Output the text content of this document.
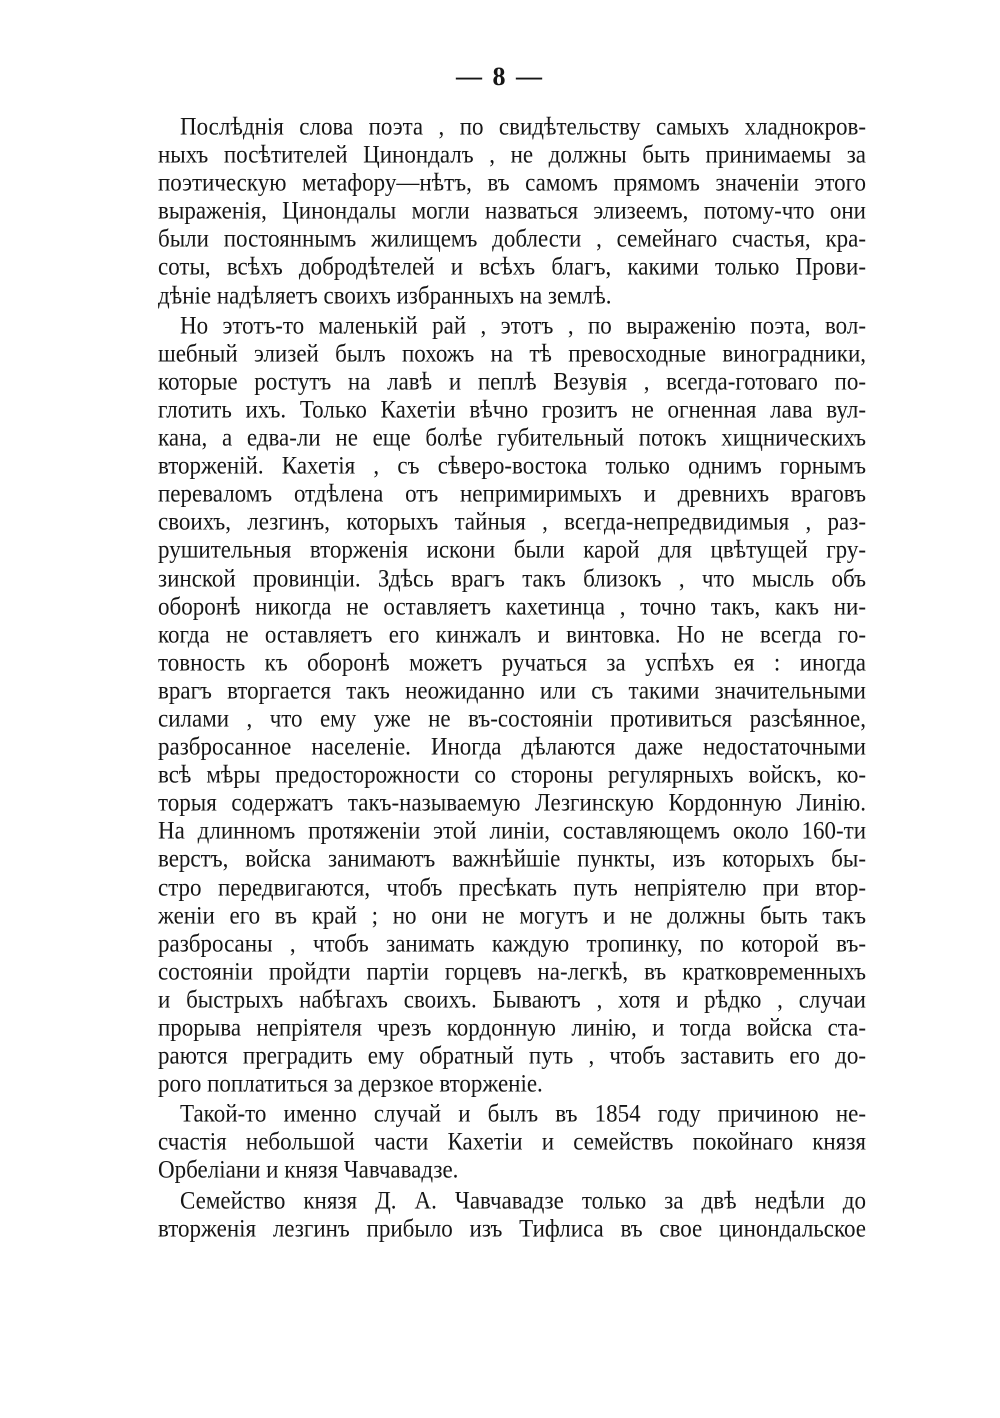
— 8 —
Послѣднія слова поэта , по свидѣтельству самыхъ хладнокров-
ныхъ посѣтителей Цинондалъ , не должны быть принимаемы за
поэтическую метафору—нѣтъ, въ самомъ прямомъ значеніи этого
выраженія, Цинондалы могли назваться элизеемъ, потому-что они
были постояннымъ жилищемъ доблести , семейнаго счастья, кра-
соты, всѣхъ добродѣтелей и всѣхъ благъ, какими только Прови-
дѣніе надѣляетъ своихъ избранныхъ на землѣ.
Но этотъ-то маленькій рай , этотъ , по выраженію поэта, вол-
шебный элизей былъ похожъ на тѣ превосходные виноградники,
которые ростутъ на лавѣ и пеплѣ Везувія , всегда-готоваго по-
глотить ихъ. Только Кахетіи вѣчно грозитъ не огненная лава вул-
кана, а едва-ли не еще болѣе губительный потокъ хищническихъ
вторженій. Кахетія , съ сѣверо-востока только однимъ горнымъ
переваломъ отдѣлена отъ непримиримыхъ и древнихъ враговъ
своихъ, лезгинъ, которыхъ тайныя , всегда-непредвидимыя , раз-
рушительныя вторженія искони были карой для цвѣтущей гру-
зинской провинціи. Здѣсь врагъ такъ близокъ , что мысль объ
оборонѣ никогда не оставляетъ кахетинца , точно такъ, какъ ни-
когда не оставляетъ его кинжалъ и винтовка. Но не всегда го-
товность къ оборонѣ можетъ ручаться за успѣхъ ея : иногда
врагъ вторгается такъ неожиданно или съ такими значительными
силами , что ему уже не въ-состояніи противиться разсѣянное,
разбросанное населеніе. Иногда дѣлаются даже недостаточными
всѣ мѣры предосторожности со стороны регулярныхъ войскъ, ко-
торыя содержатъ такъ-называемую Лезгинскую Кордонную Линію.
На длинномъ протяженіи этой линіи, составляющемъ около 160-ти
верстъ, войска занимаютъ важнѣйшіе пункты, изъ которыхъ бы-
стро передвигаются, чтобъ пресѣкать путь непріятелю при втор-
женіи его въ край ; но они не могутъ и не должны быть такъ
разбросаны , чтобъ занимать каждую тропинку, по которой въ-
состояніи пройдти партіи горцевъ на-легкѣ, въ кратковременныхъ
и быстрыхъ набѣгахъ своихъ. Бываютъ , хотя и рѣдко , случаи
прорыва непріятеля чрезъ кордонную линію, и тогда войска ста-
раются преградить ему обратный путь , чтобъ заставить его до-
рого поплатиться за дерзкое вторженіе.
Такой-то именно случай и былъ въ 1854 году причиною не-
счастія небольшой части Кахетіи и семействъ покойнаго князя
Орбеліани и князя Чавчавадзе.
Семейство князя Д. А. Чавчавадзе только за двѣ недѣли до
вторженія лезгинъ прибыло изъ Тифлиса въ свое цинондальское
